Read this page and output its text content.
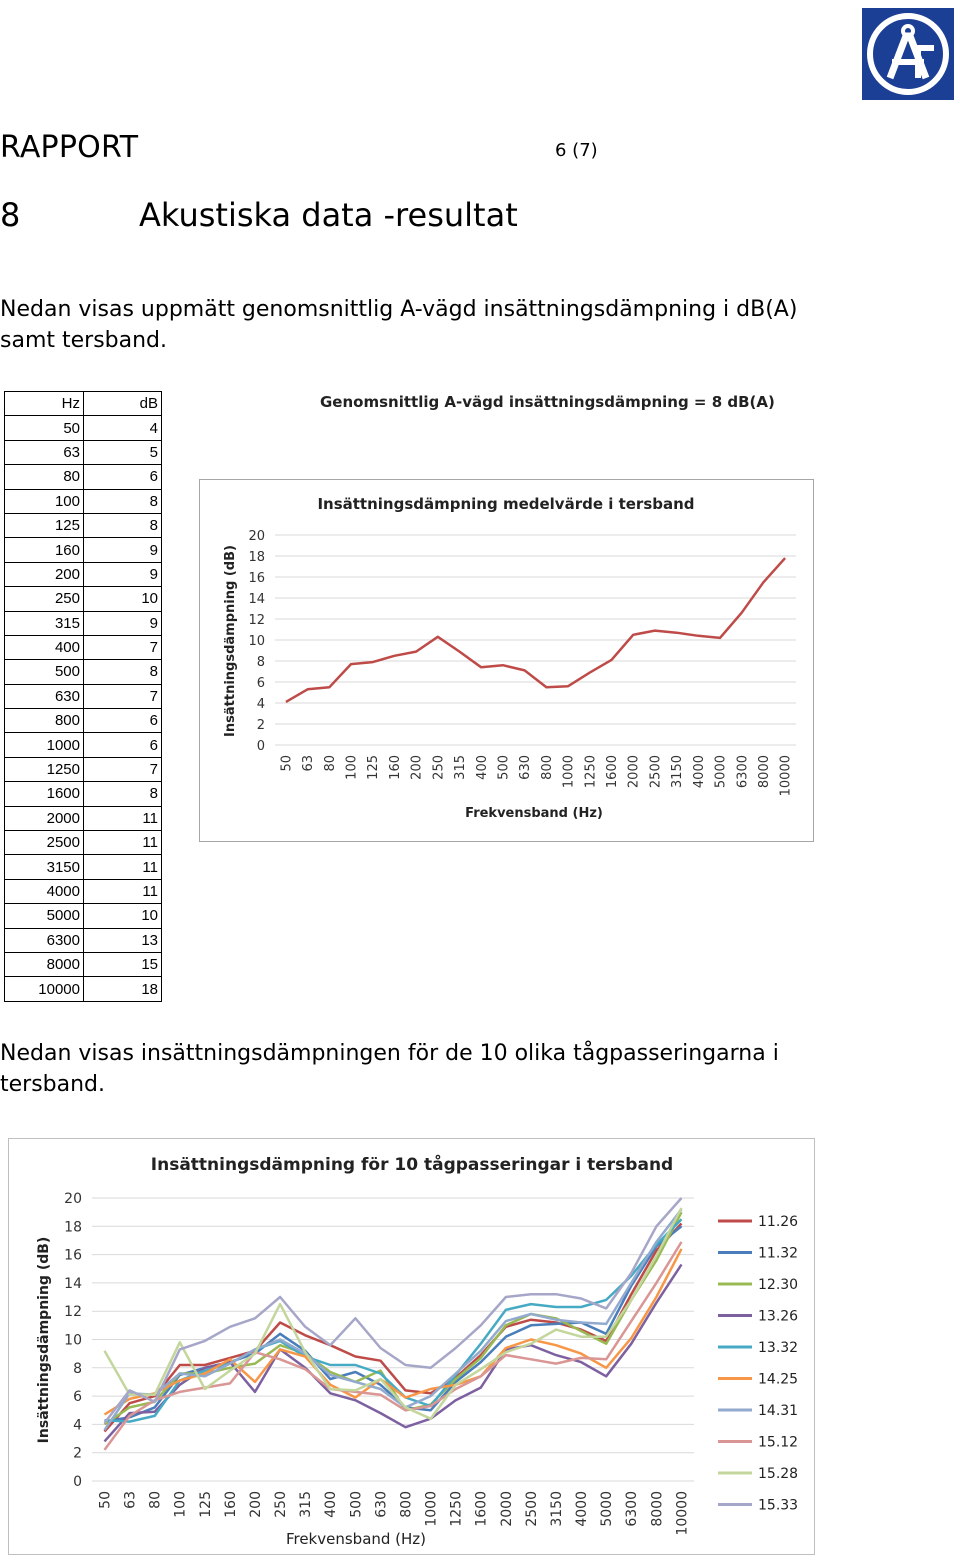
RAPPORT	6 (7)
8	Akustiska data -resultat
Nedan visas uppmätt genomsnittlig A-vägd insättningsdämpning i dB(A) samt tersband.
Hz	dB
50	4
63	5
80	6
100	8
125	8
160	9
200	9
250	10
315	9
400	7
500	8
630	7
800	6
1000	6
1250	7
1600	8
2000	11
2500	11
3150	11
4000	11
5000	10
6300	13
8000	15
10000	18
Genomsnittlig A-vägd insättningsdämpning = 8 dB(A)
Insättningsdämpning medelvärde i tersband
Insättningsdämpning (dB)
Frekvensband (Hz)
0
2
4
6
8
10
12
14
16
18
20
50 63 80 100 125 160 200 250 315 400 500 630 800 1000 1250 1600 2000 2500 3150 4000 5000 6300 8000 10000
Nedan visas insättningsdämpningen för de 10 olika tågpasseringarna i tersband.
Insättningsdämpning för 10 tågpasseringar i tersband
Insättningsdämpning (dB)
Frekvensband (Hz)
0
2
4
6
8
10
12
14
16
18
20
50 63 80 100 125 160 200 250 315 400 500 630 800 1000 1250 1600 2000 2500 3150 4000 5000 6300 8000 10000
11.26
11.32
12.30
13.26
13.32
14.25
14.31
15.12
15.28
15.33
